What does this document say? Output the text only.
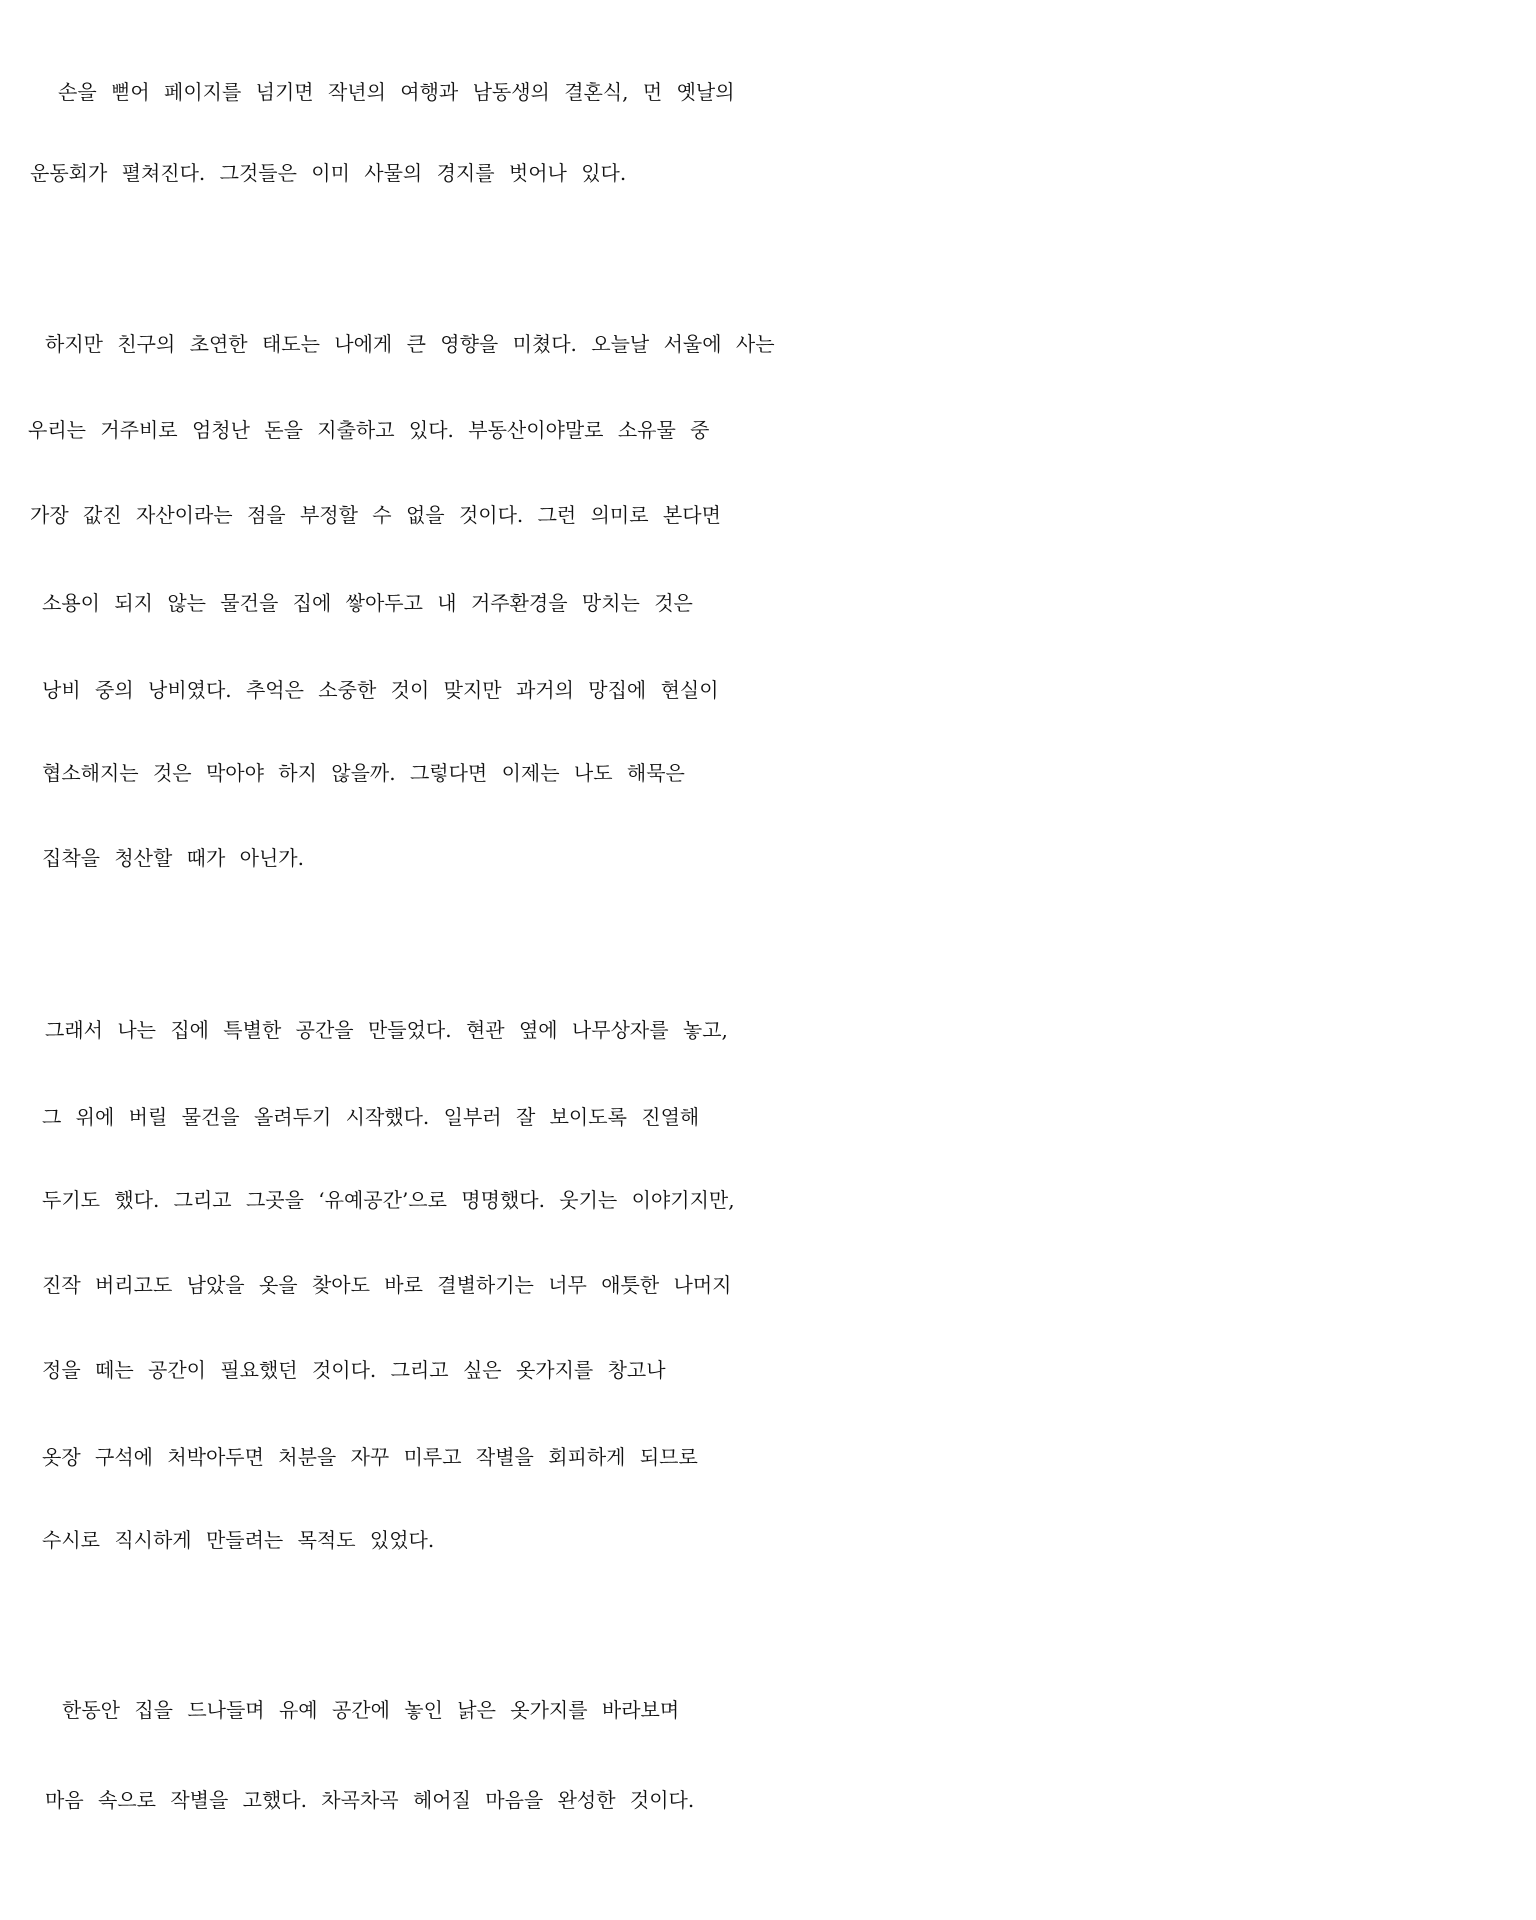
손을 뻗어 페이지를 넘기면 작년의 여행과 남동생의 결혼식, 먼 옛날의
운동회가 펼쳐진다. 그것들은 이미 사물의 경지를 벗어나 있다.
하지만 친구의 초연한 태도는 나에게 큰 영향을 미쳤다. 오늘날 서울에 사는
우리는 거주비로 엄청난 돈을 지출하고 있다. 부동산이야말로 소유물 중
가장 값진 자산이라는 점을 부정할 수 없을 것이다. 그런 의미로 본다면
소용이 되지 않는 물건을 집에 쌓아두고 내 거주환경을 망치는 것은
낭비 중의 낭비였다. 추억은 소중한 것이 맞지만 과거의 망집에 현실이
협소해지는 것은 막아야 하지 않을까. 그렇다면 이제는 나도 해묵은
집착을 청산할 때가 아닌가.
그래서 나는 집에 특별한 공간을 만들었다. 현관 옆에 나무상자를 놓고,
그 위에 버릴 물건을 올려두기 시작했다. 일부러 잘 보이도록 진열해
두기도 했다. 그리고 그곳을 ‘유예공간’으로 명명했다. 웃기는 이야기지만,
진작 버리고도 남았을 옷을 찾아도 바로 결별하기는 너무 애틋한 나머지
정을 떼는 공간이 필요했던 것이다. 그리고 싶은 옷가지를 창고나
옷장 구석에 처박아두면 처분을 자꾸 미루고 작별을 회피하게 되므로
수시로 직시하게 만들려는 목적도 있었다.
한동안 집을 드나들며 유예 공간에 놓인 낡은 옷가지를 바라보며
마음 속으로 작별을 고했다. 차곡차곡 헤어질 마음을 완성한 것이다.
